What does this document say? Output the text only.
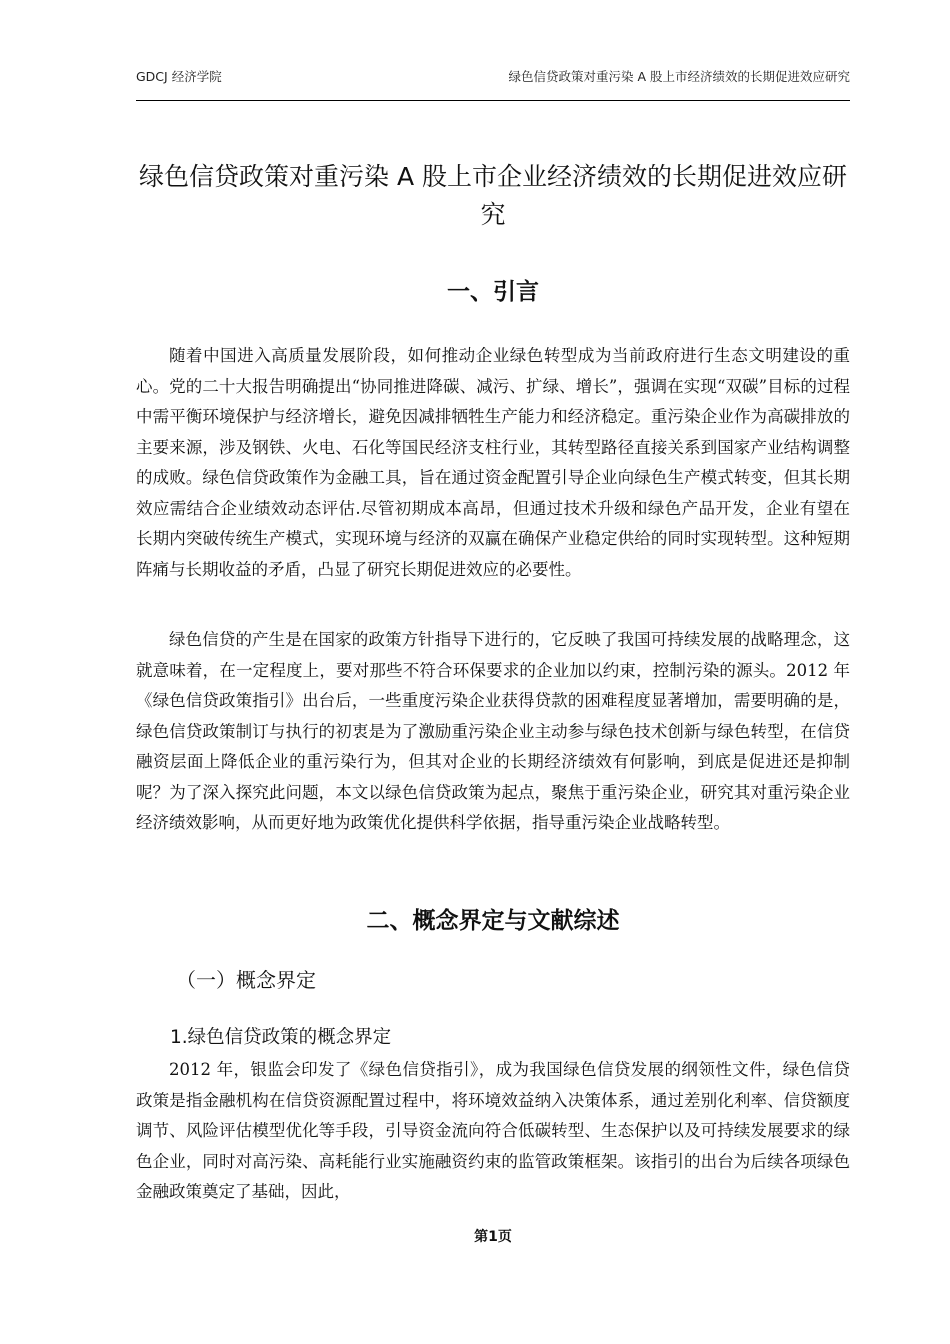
GDCJ 经济学院	绿色信贷政策对重污染 A 股上市经济绩效的长期促进效应研究
绿色信贷政策对重污染 A 股上市企业经济绩效的长期促进效应研究
一、引言

随着中国进入高质量发展阶段，如何推动企业绿色转型成为当前政府进行生态文明建设的重心。党的二十大报告明确提出“协同推进降碳、减污、扩绿、增长”，强调在实现“双碳”目标的过程中需平衡环境保护与经济增长，避免因减排牺牲生产能力和经济稳定。重污染企业作为高碳排放的主要来源，涉及钢铁、火电、石化等国民经济支柱行业，其转型路径直接关系到国家产业结构调整的成败。绿色信贷政策作为金融工具，旨在通过资金配置引导企业向绿色生产模式转变，但其长期效应需结合企业绩效动态评估.尽管初期成本高昂，但通过技术升级和绿色产品开发，企业有望在长期内突破传统生产模式，实现环境与经济的双赢在确保产业稳定供给的同时实现转型。这种短期阵痛与长期收益的矛盾，凸显了研究长期促进效应的必要性。

绿色信贷的产生是在国家的政策方针指导下进行的，它反映了我国可持续发展的战略理念，这就意味着，在一定程度上，要对那些不符合环保要求的企业加以约束，控制污染的源头。2012 年《绿色信贷政策指引》出台后，一些重度污染企业获得贷款的困难程度显著增加，需要明确的是，绿色信贷政策制订与执行的初衷是为了激励重污染企业主动参与绿色技术创新与绿色转型，在信贷融资层面上降低企业的重污染行为，但其对企业的长期经济绩效有何影响，到底是促进还是抑制呢？为了深入探究此问题，本文以绿色信贷政策为起点，聚焦于重污染企业，研究其对重污染企业经济绩效影响，从而更好地为政策优化提供科学依据，指导重污染企业战略转型。

二、概念界定与文献综述
（一）概念界定
1.绿色信贷政策的概念界定

2012 年，银监会印发了《绿色信贷指引》，成为我国绿色信贷发展的纲领性文件，绿色信贷政策是指金融机构在信贷资源配置过程中，将环境效益纳入决策体系，通过差别化利率、信贷额度调节、风险评估模型优化等手段，引导资金流向符合低碳转型、生态保护以及可持续发展要求的绿色企业，同时对高污染、高耗能行业实施融资约束的监管政策框架。该指引的出台为后续各项绿色金融政策奠定了基础，因此，

第1页
